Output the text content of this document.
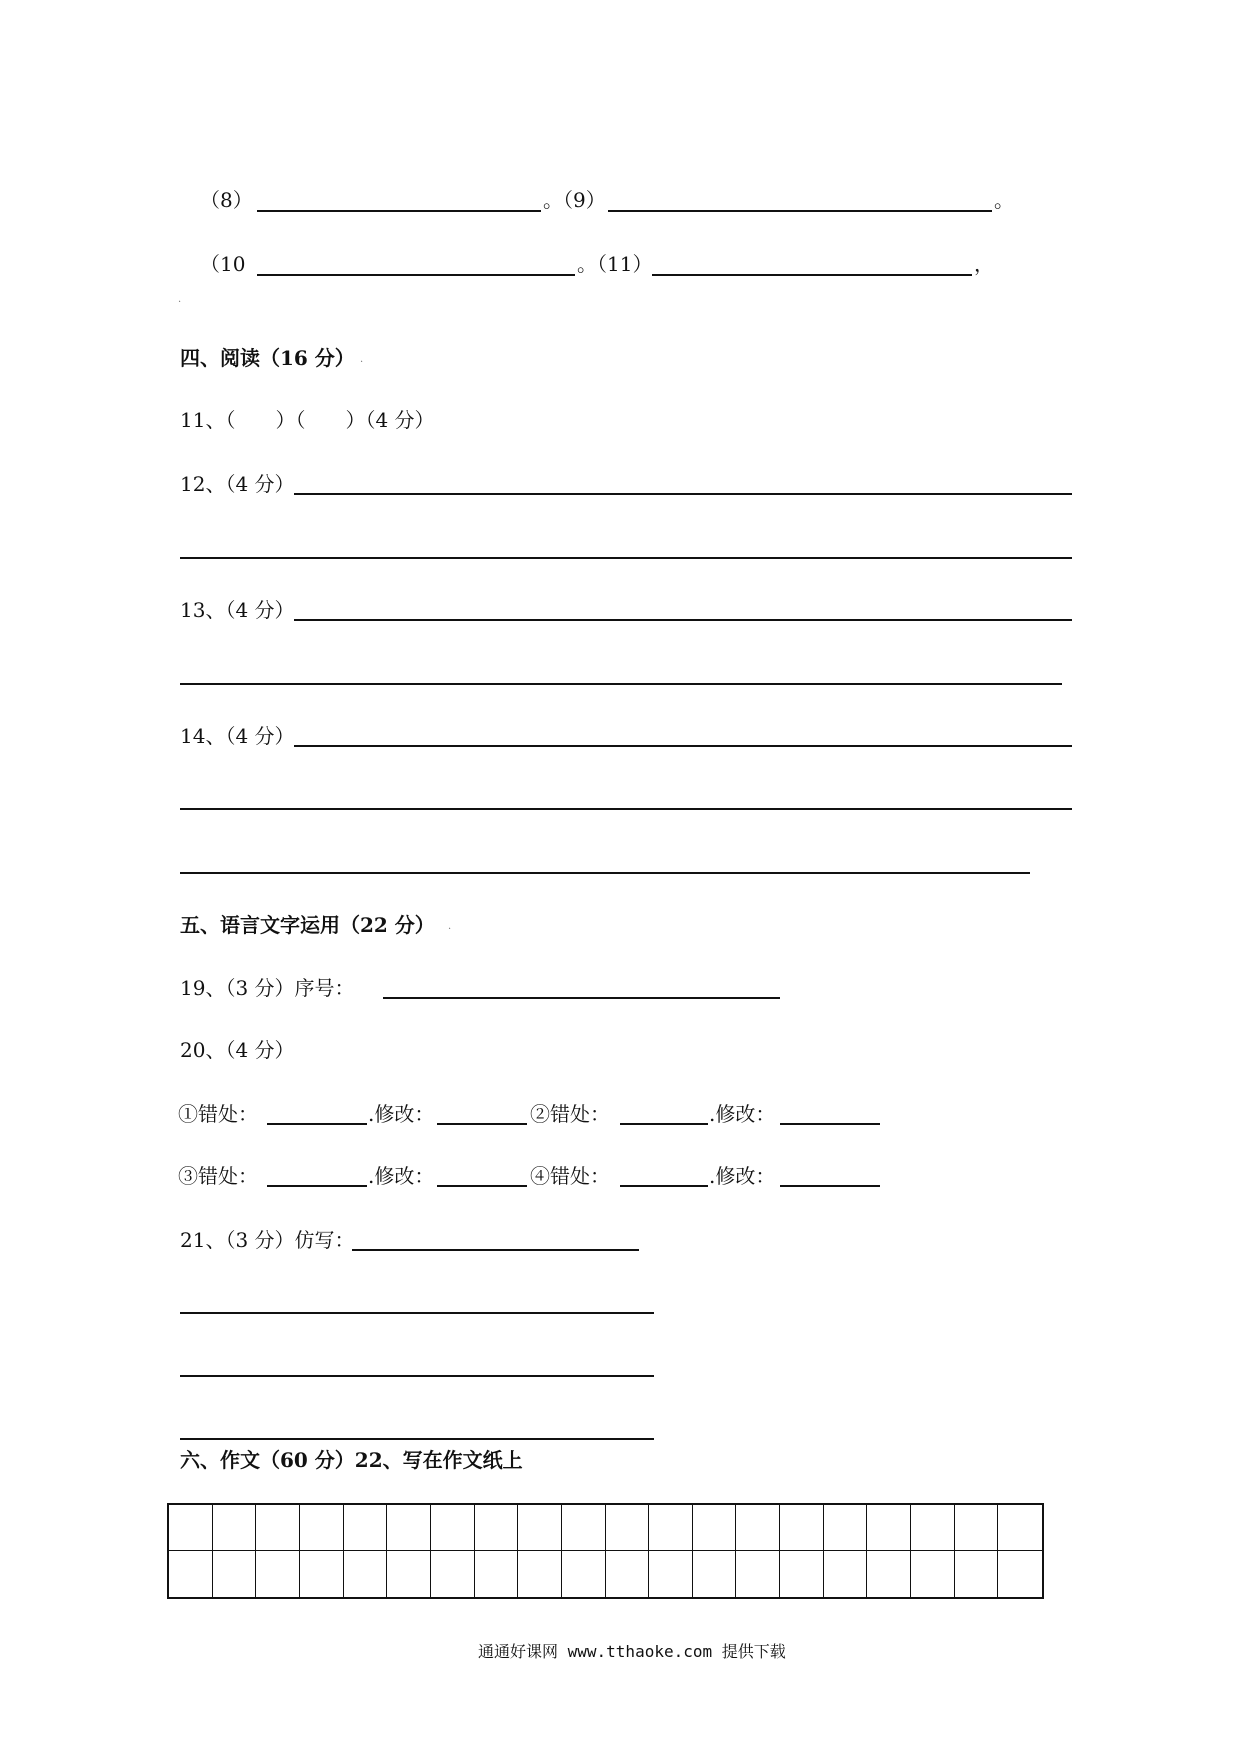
（8）	。（9）	。
（10	。（11）	，
.
四、阅读（16 分） .
11、（　　）（　　）（4 分）
12、（4 分）
13、（4 分）
14、（4 分）
五、语言文字运用（22 分） .
19、（3 分）序号：
20、（4 分）
①错处：	.修改：	②错处：	.修改：
③错处：	.修改：	④错处：	.修改：
21、（3 分）仿写：
六、作文（60 分）22、写在作文纸上
通通好课网 www.tthaoke.com 提供下载
